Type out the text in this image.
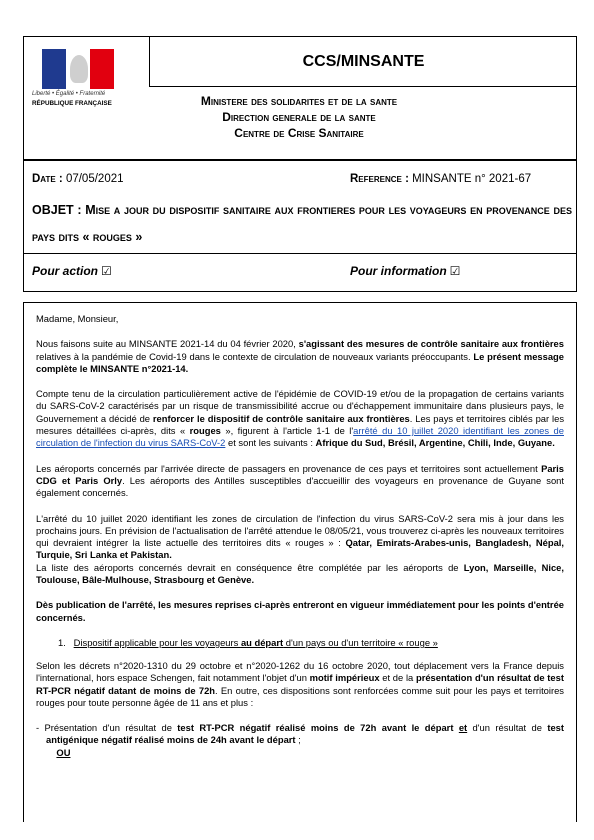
Liberté • Égalité • Fraternité
RÉPUBLIQUE FRANÇAISE
CCS/MINSANTE
Ministere des solidarites et de la sante
Direction generale de la sante
Centre de Crise Sanitaire
Date : 07/05/2021	Reference : MINSANTE n° 2021-67
OBJET : Mise a jour du dispositif sanitaire aux frontieres pour les voyageurs en provenance des pays dits « rouges »
Pour action ☑	Pour information ☑

Madame, Monsieur,

Nous faisons suite au MINSANTE 2021-14 du 04 février 2020, s'agissant des mesures de contrôle sanitaire aux frontières relatives à la pandémie de Covid-19 dans le contexte de circulation de nouveaux variants préoccupants. Le présent message complète le MINSANTE n°2021-14.

Compte tenu de la circulation particulièrement active de l'épidémie de COVID-19 et/ou de la propagation de certains variants du SARS-CoV-2 caractérisés par un risque de transmissibilité accrue ou d'échappement immunitaire dans plusieurs pays, le Gouvernement a décidé de renforcer le dispositif de contrôle sanitaire aux frontières. Les pays et territoires ciblés par les mesures détaillées ci-après, dits « rouges », figurent à l'article 1-1 de l'arrêté du 10 juillet 2020 identifiant les zones de circulation de l'infection du virus SARS-CoV-2 et sont les suivants : Afrique du Sud, Brésil, Argentine, Chili, Inde, Guyane.

Les aéroports concernés par l'arrivée directe de passagers en provenance de ces pays et territoires sont actuellement Paris CDG et Paris Orly. Les aéroports des Antilles susceptibles d'accueillir des voyageurs en provenance de Guyane sont également concernés.

L'arrêté du 10 juillet 2020 identifiant les zones de circulation de l'infection du virus SARS-CoV-2 sera mis à jour dans les prochains jours. En prévision de l'actualisation de l'arrêté attendue le 08/05/21, vous trouverez ci-après les nouveaux territoires qui devraient intégrer la liste actuelle des territoires dits « rouges » : Qatar, Emirats-Arabes-unis, Bangladesh, Népal, Turquie, Sri Lanka et Pakistan.
La liste des aéroports concernés devrait en conséquence être complétée par les aéroports de Lyon, Marseille, Nice, Toulouse, Bâle-Mulhouse, Strasbourg et Genève.

Dès publication de l'arrêté, les mesures reprises ci-après entreront en vigueur immédiatement pour les points d'entrée concernés.

1. Dispositif applicable pour les voyageurs au départ d'un pays ou d'un territoire « rouge »

Selon les décrets n°2020-1310 du 29 octobre et n°2020-1262 du 16 octobre 2020, tout déplacement vers la France depuis l'international, hors espace Schengen, fait notamment l'objet d'un motif impérieux et de la présentation d'un résultat de test RT-PCR négatif datant de moins de 72h. En outre, ces dispositions sont renforcées comme suit pour les pays et territoires rouges pour toute personne âgée de 11 ans et plus :

- Présentation d'un résultat de test RT-PCR négatif réalisé moins de 72h avant le départ et d'un résultat de test antigénique négatif réalisé moins de 24h avant le départ ;
OU
